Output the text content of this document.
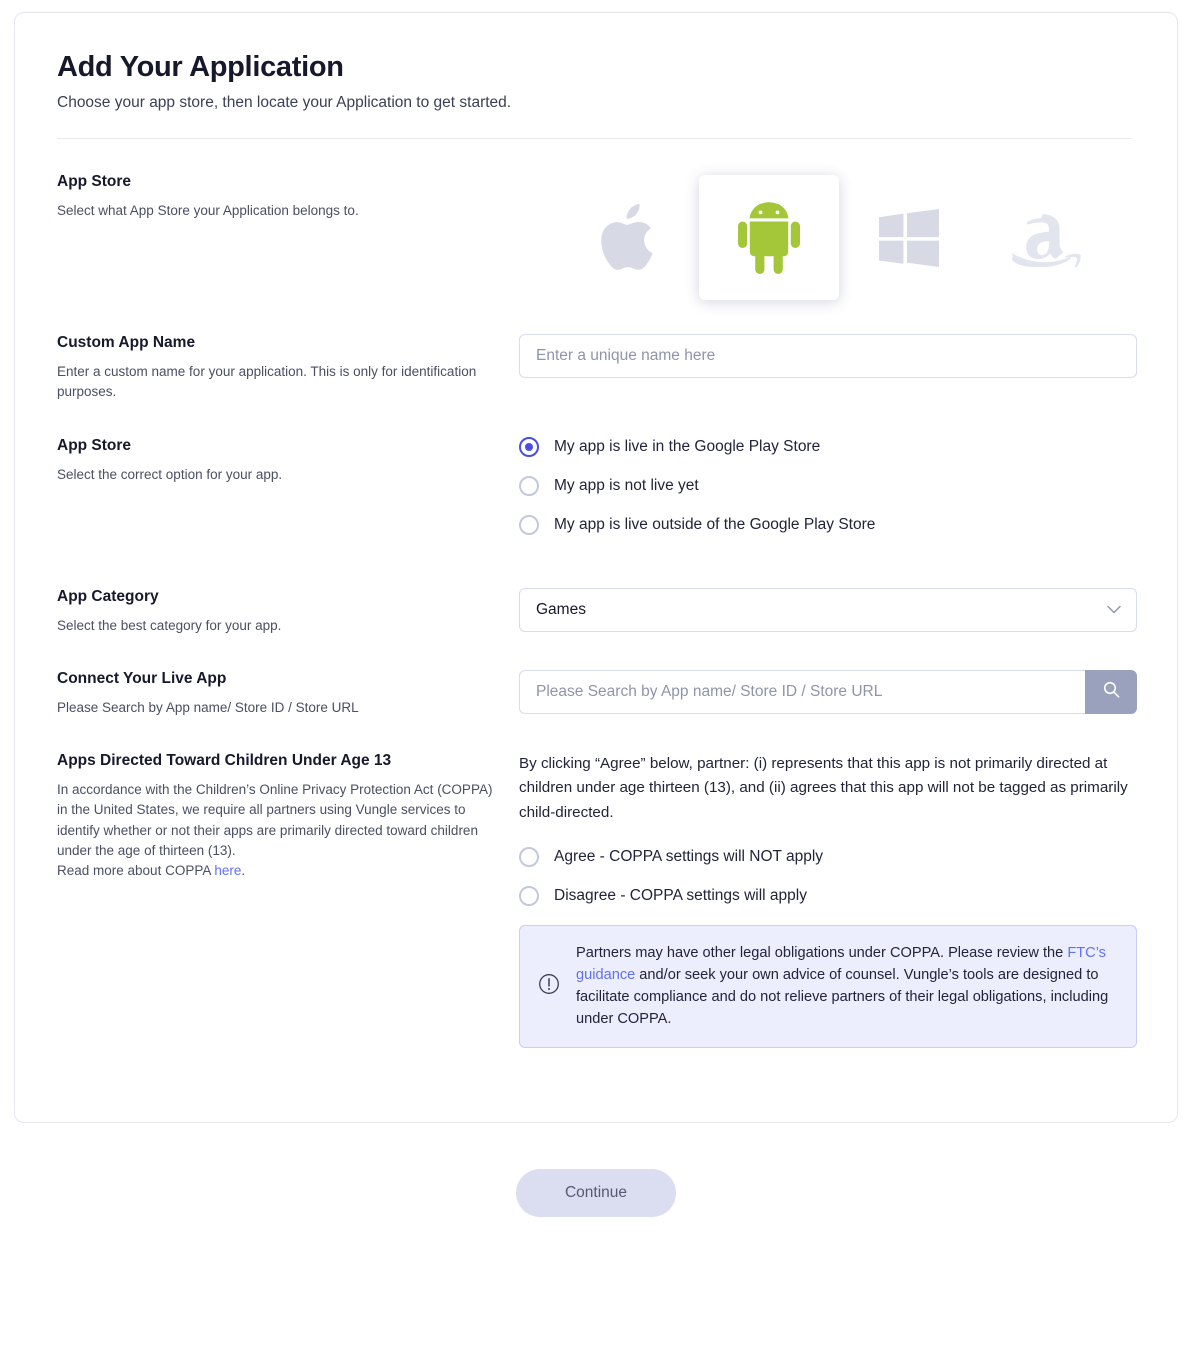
Add Your Application

Choose your app store, then locate your Application to get started.

App Store

Select what App Store your Application belongs to.

Custom App Name

Enter a custom name for your application. This is only for identification purposes.

Enter a unique name here

App Store

Select the correct option for your app.

My app is live in the Google Play Store
My app is not live yet
My app is live outside of the Google Play Store

App Category

Select the best category for your app.

Games

Connect Your Live App

Please Search by App name/ Store ID / Store URL

Please Search by App name/ Store ID / Store URL

Apps Directed Toward Children Under Age 13

In accordance with the Children’s Online Privacy Protection Act (COPPA) in the United States, we require all partners using Vungle services to identify whether or not their apps are primarily directed toward children under the age of thirteen (13).
Read more about COPPA here.

By clicking “Agree” below, partner: (i) represents that this app is not primarily directed at children under age thirteen (13), and (ii) agrees that this app will not be tagged as primarily child-directed.

Agree - COPPA settings will NOT apply
Disagree - COPPA settings will apply
Partners may have other legal obligations under COPPA. Please review the FTC’s guidance and/or seek your own advice of counsel. Vungle’s tools are designed to facilitate compliance and do not relieve partners of their legal obligations, including under COPPA.
Continue
